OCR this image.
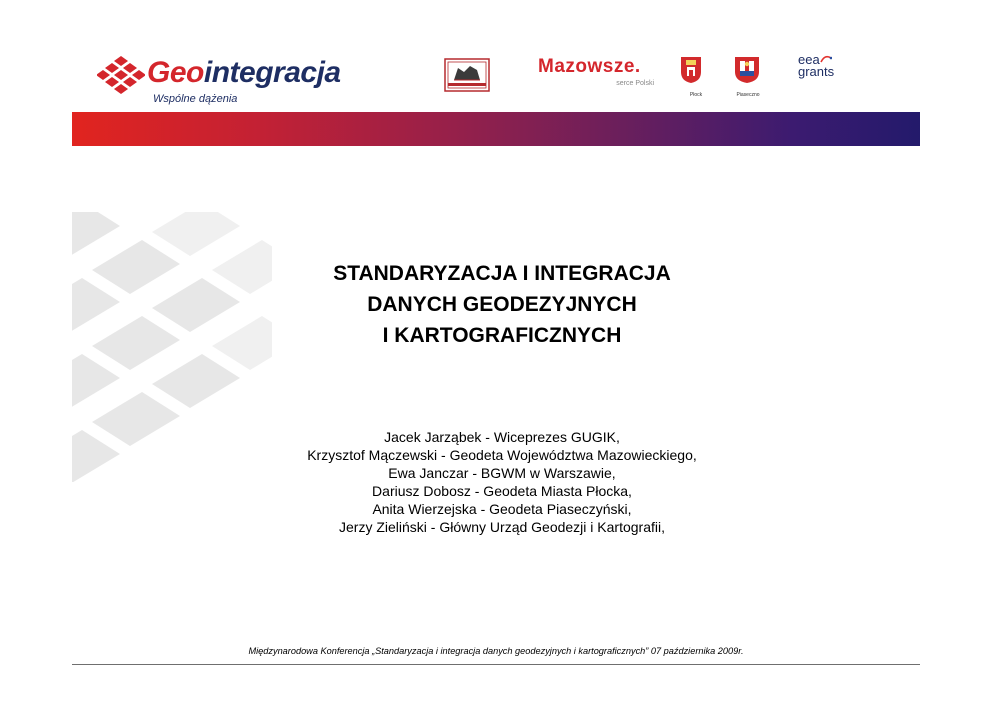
Geointegracja
Wspólne dążenia
Mazowsze.
serce Polski
Płock	Piaseczno
eea
grants
STANDARYZACJA I INTEGRACJA
DANYCH GEODEZYJNYCH
I KARTOGRAFICZNYCH
Jacek Jarząbek - Wiceprezes GUGIK,
Krzysztof Mączewski - Geodeta Województwa Mazowieckiego,
Ewa Janczar - BGWM w Warszawie,
Dariusz Dobosz - Geodeta Miasta Płocka,
Anita Wierzejska - Geodeta Piaseczyński,
Jerzy Zieliński - Główny Urząd Geodezji i Kartografii,
Międzynarodowa Konferencja „Standaryzacja i integracja danych geodezyjnych i kartograficznych” 07 października 2009r.
